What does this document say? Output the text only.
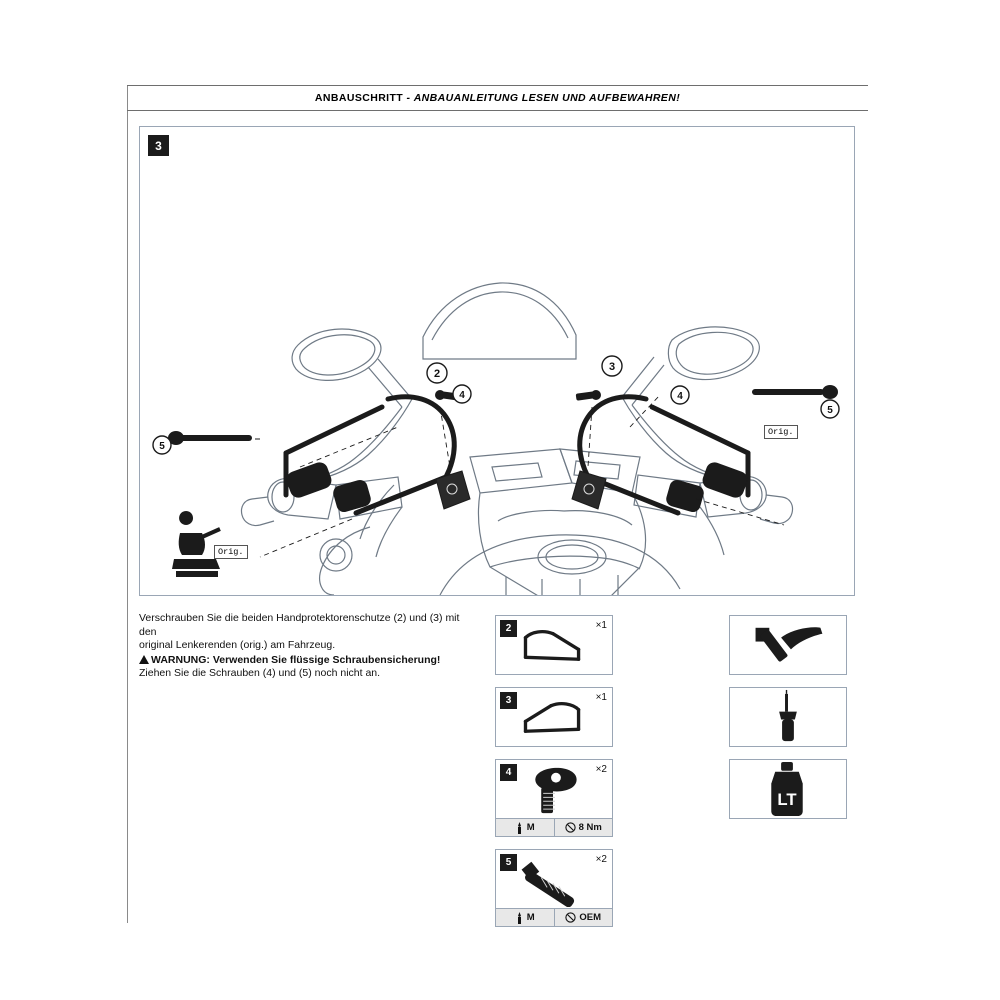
ANBAUSCHRITT - ANBAUANLEITUNG LESEN UND AUFBEWAHREN!
3
2
3
4	4
5
5
Orig.
Orig.
Verschrauben Sie die beiden Handprotektorenschutze (2) und (3) mit den
original Lenkerenden (orig.) am Fahrzeug.
WARNUNG: Verwenden Sie flüssige Schraubensicherung!
Ziehen Sie die Schrauben (4) und (5) noch nicht an.
2	×1
3	×1
4	×2
M	8 Nm
5	×2
M	OEM
LT
